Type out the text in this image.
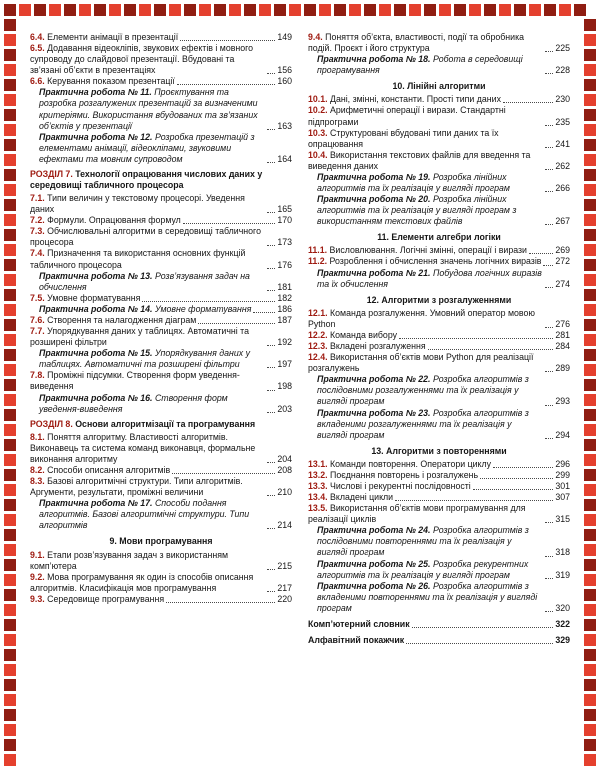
6.4. Елементи анімації в презентації	149
6.5. Додавання відеокліпів, звукових ефектів і мовного супроводу до слайдової презентації. Вбудовані та зв’язані об’єкти в презентаціях	156
6.6. Керування показом презентації	160
Практична робота № 11. Проєктування та розробка розгалужених презентацій за визначеними критеріями. Використання вбудованих та зв’язаних об’єктів у презентації	163
Практична робота № 12. Розробка презентацій з елементами анімації, відеокліпами, звуковими ефектами та мовним супроводом	164
РОЗДІЛ 7. Технології опрацювання числових даних у середовищі табличного процесора
7.1. Типи величин у текстовому процесорі. Уведення даних	165
7.2. Формули. Опрацювання формул	170
7.3. Обчислювальні алгоритми в середовищі табличного процесора	173
7.4. Призначення та використання основних функцій табличного процесора	176
Практична робота № 13. Розв’язування задач на обчислення	181
7.5. Умовне форматування	182
Практична робота № 14. Умовне форматування	186
7.6. Створення та налагодження діаграм	187
7.7. Упорядкування даних у таблицях. Автоматичні та розширені фільтри	192
Практична робота № 15. Упорядкування даних у таблицях. Автоматичні та розширені фільтри	197
7.8. Проміжні підсумки. Створення форм уведення-виведення	198
Практична робота № 16. Створення форм уведення-виведення	203
РОЗДІЛ 8. Основи алгоритмізації та програмування
8.1. Поняття алгоритму. Властивості алгоритмів. Виконавець та система команд виконавця, формальне виконання алгоритму	204
8.2. Способи описання алгоритмів	208
8.3. Базові алгоритмічні структури. Типи алгоритмів. Аргументи, результати, проміжні величини	210
Практична робота № 17. Способи подання алгоритмів. Базові алгоритмічні структури. Типи алгоритмів	214
9. Мови програмування
9.1. Етапи розв’язування задач з використанням комп’ютера	215
9.2. Мова програмування як один із способів описання алгоритмів. Класифікація мов програмування	217
9.3. Середовище програмування	220
9.4. Поняття об’єкта, властивості, події та обробника подій. Проєкт і його структура	225
Практична робота № 18. Робота в середовищі програмування	228
10. Лінійні алгоритми
10.1. Дані, змінні, константи. Прості типи даних	230
10.2. Арифметичні операції і вирази. Стандартні підпрограми	235
10.3. Структуровані вбудовані типи даних та їх опрацювання	241
10.4. Використання текстових файлів для введення та виведення даних	262
Практична робота № 19. Розробка лінійних алгоритмів та їх реалізація у вигляді програм	266
Практична робота № 20. Розробка лінійних алгоритмів та їх реалізація у вигляді програм з використанням текстових файлів	267
11. Елементи алгебри логіки
11.1. Висловлювання. Логічні змінні, операції і вирази	269
11.2. Розроблення і обчислення значень логічних виразів 272
Практична робота № 21. Побудова логічних виразів та їх обчислення	274
12. Алгоритми з розгалуженнями
12.1. Команда розгалуження. Умовний оператор мовою Python	276
12.2. Команда вибору	281
12.3. Вкладені розгалуження	284
12.4. Використання об’єктів мови Python для реалізації розгалужень	289
Практична робота № 22. Розробка алгоритмів з послідовними розгалуженнями та їх реалізація у вигляді програм	293
Практична робота № 23. Розробка алгоритмів з вкладеними розгалуженнями та їх реалізація у вигляді програм	294
13. Алгоритми з повтореннями
13.1. Команди повторення. Оператори циклу	296
13.2. Поєднання повторень і розгалужень	299
13.3. Числові і рекурентні послідовності	301
13.4. Вкладені цикли	307
13.5. Використання об’єктів мови програмування для реалізації циклів	315
Практична робота № 24. Розробка алгоритмів з послідовними повтореннями та їх реалізація у вигляді програм	318
Практична робота № 25. Розробка рекурентних алгоритмів та їх реалізація у вигляді програм	319
Практична робота № 26. Розробка алгоритмів з вкладеними повтореннями та їх реалізація у вигляді програм	320
Комп’ютерний словник	322
Алфавітний покажчик	329
